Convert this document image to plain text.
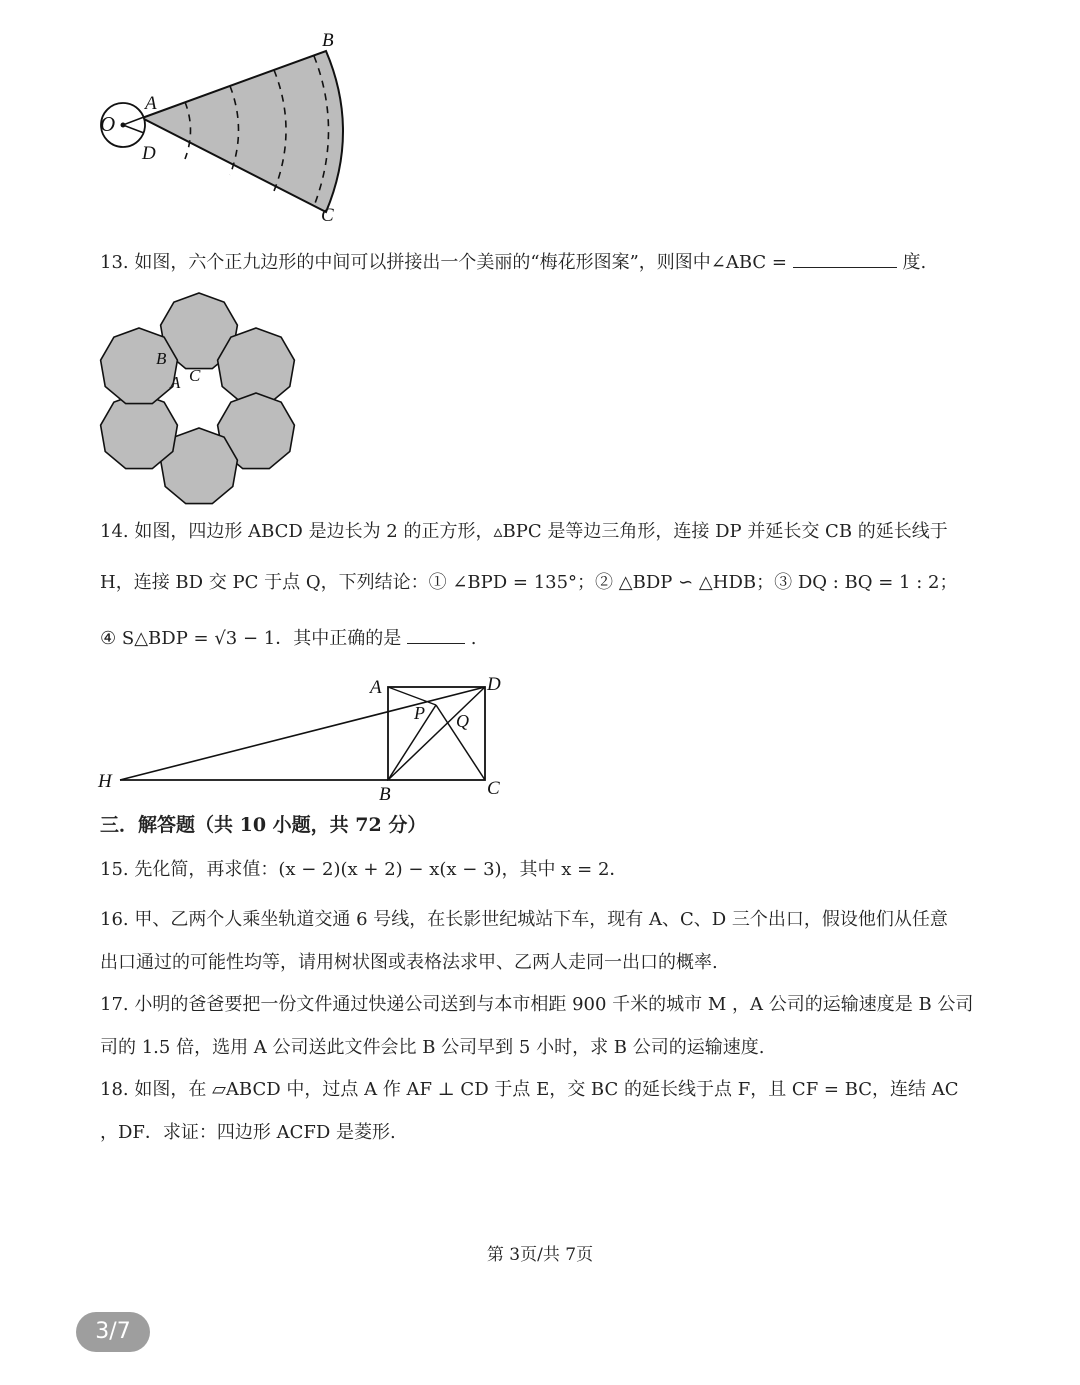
O
A
D
B
C
13. 如图，六个正九边形的中间可以拼接出一个美丽的“梅花形图案”，则图中∠ABC =	度.
B
C
A
14. 如图，四边形 ABCD 是边长为 2 的正方形，▵BPC 是等边三角形，连接 DP 并延长交 CB 的延长线于
H，连接 BD 交 PC 于点 Q，下列结论：① ∠BPD = 135°；② △BDP ∽ △HDB；③ DQ : BQ = 1 : 2；
④ S△BDP = √3 − 1．其中正确的是	.
A	D
P Q
H
B	C
三．解答题（共 10 小题，共 72 分）
15. 先化简，再求值：(x − 2)(x + 2) − x(x − 3)，其中 x = 2．
16. 甲、乙两个人乘坐轨道交通 6 号线，在长影世纪城站下车，现有 A、C、D 三个出口，假设他们从任意
出口通过的可能性均等，请用树状图或表格法求甲、乙两人走同一出口的概率.
17. 小明的爸爸要把一份文件通过快递公司送到与本市相距 900 千米的城市 M ，A 公司的运输速度是 B 公司
司的 1.5 倍，选用 A 公司送此文件会比 B 公司早到 5 小时，求 B 公司的运输速度.
18. 如图，在 ▱ABCD 中，过点 A 作 AF ⊥ CD 于点 E，交 BC 的延长线于点 F，且 CF = BC，连结 AC
，DF．求证：四边形 ACFD 是菱形.
第 3页/共 7页
3/7
